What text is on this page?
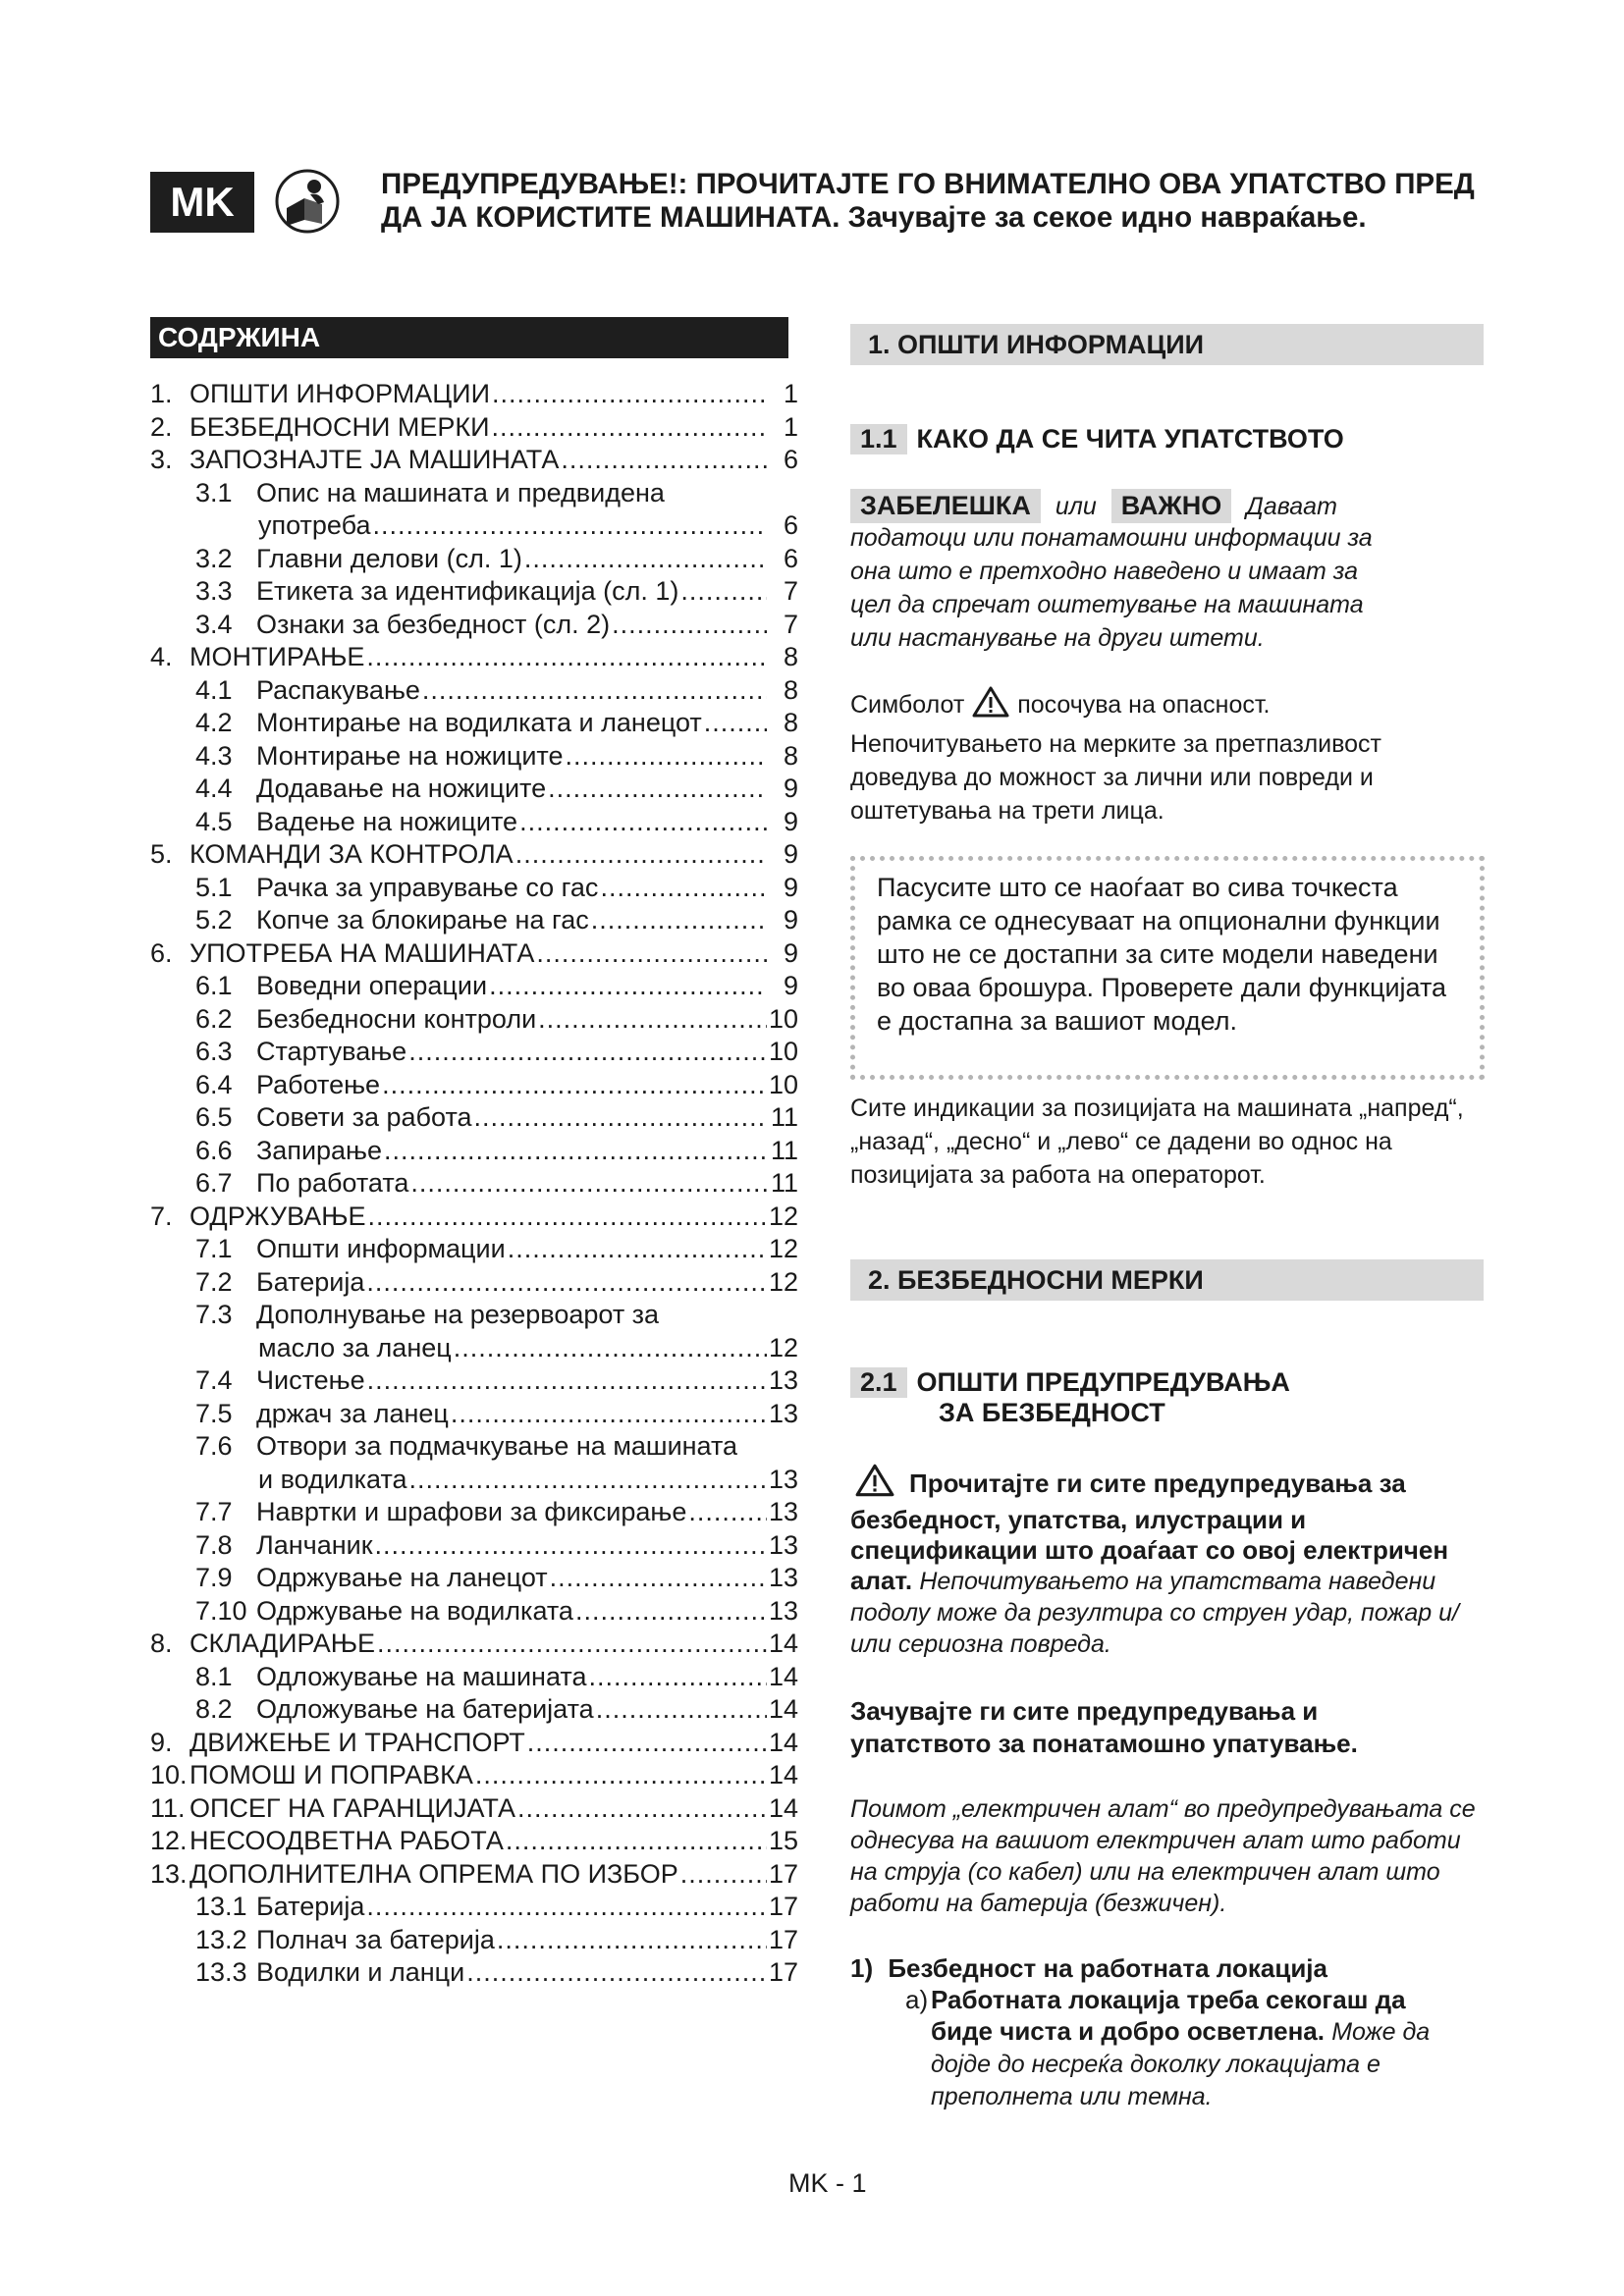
MK	ПРЕДУПРЕДУВАЊЕ!: ПРОЧИТАЈТЕ ГО ВНИМАТЕЛНО ОВА УПАТСТВО ПРЕД
ДА ЈА КОРИСТИТЕ МАШИНАТА. Зачувајте за секое идно навраќање.
СОДРЖИНА
1. ОПШТИ ИНФОРМАЦИИ .....	1
2. БЕЗБЕДНОСНИ МЕРКИ .....	1
3. ЗАПОЗНАЈТЕ ЈА МАШИНАТА .....	6
3.1 Опис на машината и предвидена
употреба .....	6
3.2 Главни делови (сл. 1) .....	6
3.3 Етикета за идентификација (сл. 1) .....	7
3.4 Ознаки за безбедност (сл. 2) .....	7
4. МОНТИРАЊЕ .....	8
4.1 Распакување .....	8
4.2 Монтирање на водилката и ланецот .....	8
4.3 Монтирање на ножиците .....	8
4.4 Додавање на ножиците .....	9
4.5 Вадење на ножиците .....	9
5. КОМАНДИ ЗА КОНТРОЛА .....	9
5.1 Рачка за управување со гас .....	9
5.2 Копче за блокирање на гас .....	9
6. УПОТРЕБА НА МАШИНАТА .....	9
6.1 Воведни операции .....	9
6.2 Безбедносни контроли .....	10
6.3 Стартување .....	10
6.4 Работење .....	10
6.5 Совети за работа .....	11
6.6 Запирање .....	11
6.7 По работата .....	11
7. ОДРЖУВАЊЕ .....	12
7.1 Општи информации .....	12
7.2 Батерија .....	12
7.3 Дополнување на резервоарот за
масло за ланец .....	12
7.4 Чистење .....	13
7.5 држач за ланец .....	13
7.6 Отвори за подмачкување на машината
и водилката .....	13
7.7 Навртки и шрафови за фиксирање .....	13
7.8 Ланчаник .....	13
7.9 Одржување на ланецот .....	13
7.10 Одржување на водилката .....	13
8. СКЛАДИРАЊЕ .....	14
8.1 Одложување на машината .....	14
8.2 Одложување на батеријата .....	14
9. ДВИЖЕЊЕ И ТРАНСПОРТ .....	14
10. ПОМОШ И ПОПРАВКА .....	14
11. ОПСЕГ НА ГАРАНЦИЈАТА .....	14
12. НЕСООДВЕТНА РАБОТА .....	15
13. ДОПОЛНИТЕЛНА ОПРЕМА ПО ИЗБОР .....	17
13.1 Батерија .....	17
13.2 Полнач за батерија .....	17
13.3 Водилки и ланци .....	17
1. ОПШТИ ИНФОРМАЦИИ
1.1 КАКО ДА СЕ ЧИТА УПАТСТВОТО
ЗАБЕЛЕШКА или ВАЖНО Даваат
податоци или понатамошни информации за она што е претходно наведено и имаат за цел да спречат оштетување на машината или настанување на други штети.
Симболот посочува на опасност.
Непочитувањето на мерките за претпазливост доведува до можност за лични или повреди и оштетувања на трети лица.
Пасусите што се наоѓаат во сива точкеста рамка се однесуваат на опционални функции што не се достапни за сите модели наведени во оваа брошура. Проверете дали функцијата е достапна за вашиот модел.
Сите индикации за позицијата на машината „напред“, „назад“, „десно“ и „лево“ се дадени во однос на позицијата за работа на операторот.
2. БЕЗБЕДНОСНИ МЕРКИ
2.1 ОПШТИ ПРЕДУПРЕДУВАЊА
ЗА БЕЗБЕДНОСТ
Прочитајте ги сите предупредувања за безбедност, упатства, илустрации и спецификации што доаѓаат со овој електричен алат. Непочитувањето на упатствата наведени подолу може да резултира со струен удар, пожар и/или сериозна повреда.
Зачувајте ги сите предупредувања и упатството за понатамошно упатување.
Поимот „електричен алат“ во предупредувањата се однесува на вашиот електричен алат што работи на струја (со кабел) или на електричен алат што работи на батерија (безжичен).
1) Безбедност на работната локација
а) Работната локација треба секогаш да биде чиста и добро осветлена. Може да дојде до несреќа доколку локацијата е преполнета или темна.
MK - 1
